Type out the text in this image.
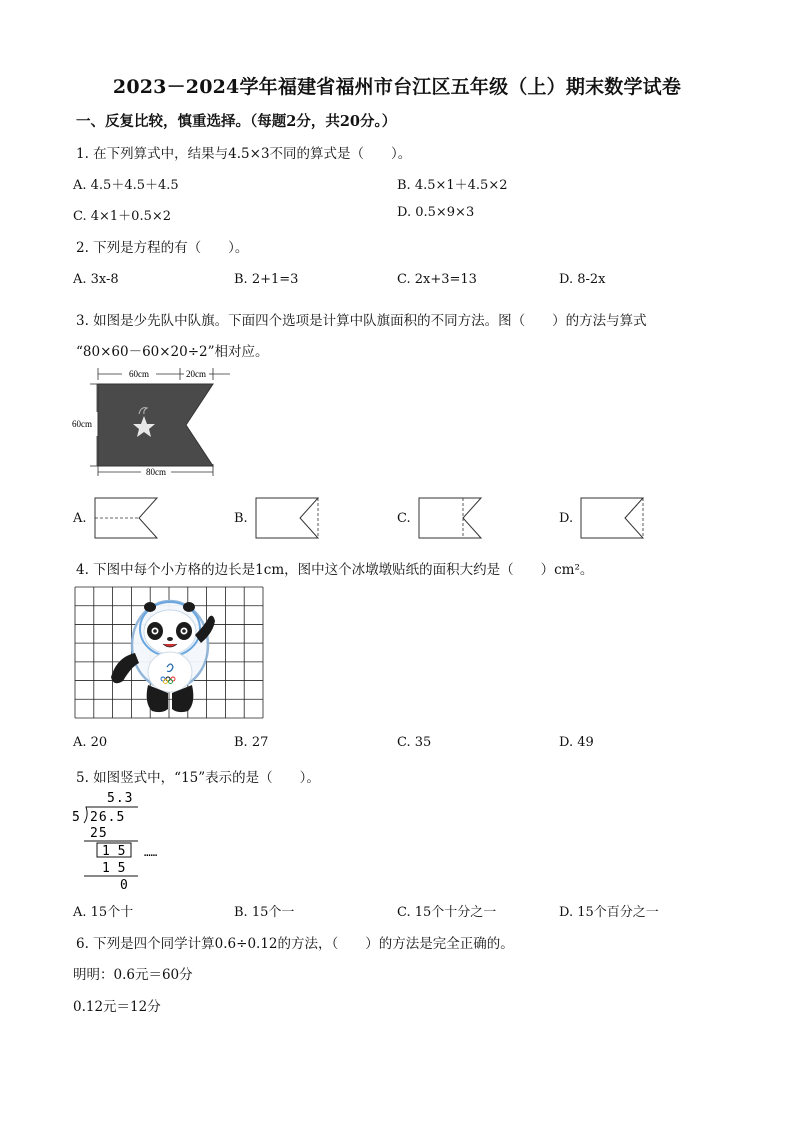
2023－2024学年福建省福州市台江区五年级（上）期末数学试卷
一、反复比较，慎重选择。（每题2分，共20分。）
1. 在下列算式中，结果与4.5×3不同的算式是（　　）。
A. 4.5＋4.5＋4.5	B. 4.5×1＋4.5×2
C. 4×1＋0.5×2	D. 0.5×9×3
2. 下列是方程的有（　　）。
A. 3x-8	B. 2+1=3	C. 2x+3=13	D. 8-2x
3. 如图是少先队中队旗。下面四个选项是计算中队旗面积的不同方法。图（　　）的方法与算式
“80×60－60×20÷2”相对应。
60cm	20cm
60cm
80cm
A.	B.	C.	D.
4. 下图中每个小方格的边长是1cm，图中这个冰墩墩贴纸的面积大约是（　　）cm²。
A. 20	B. 27	C. 35	D. 49
5. 如图竖式中，“15”表示的是（　　）。
5.3
5 26.5
25
1 5 ……
1 5
0
A. 15个十	B. 15个一	C. 15个十分之一	D. 15个百分之一
6. 下列是四个同学计算0.6÷0.12的方法，（　　）的方法是完全正确的。
明明：0.6元＝60分
0.12元＝12分
